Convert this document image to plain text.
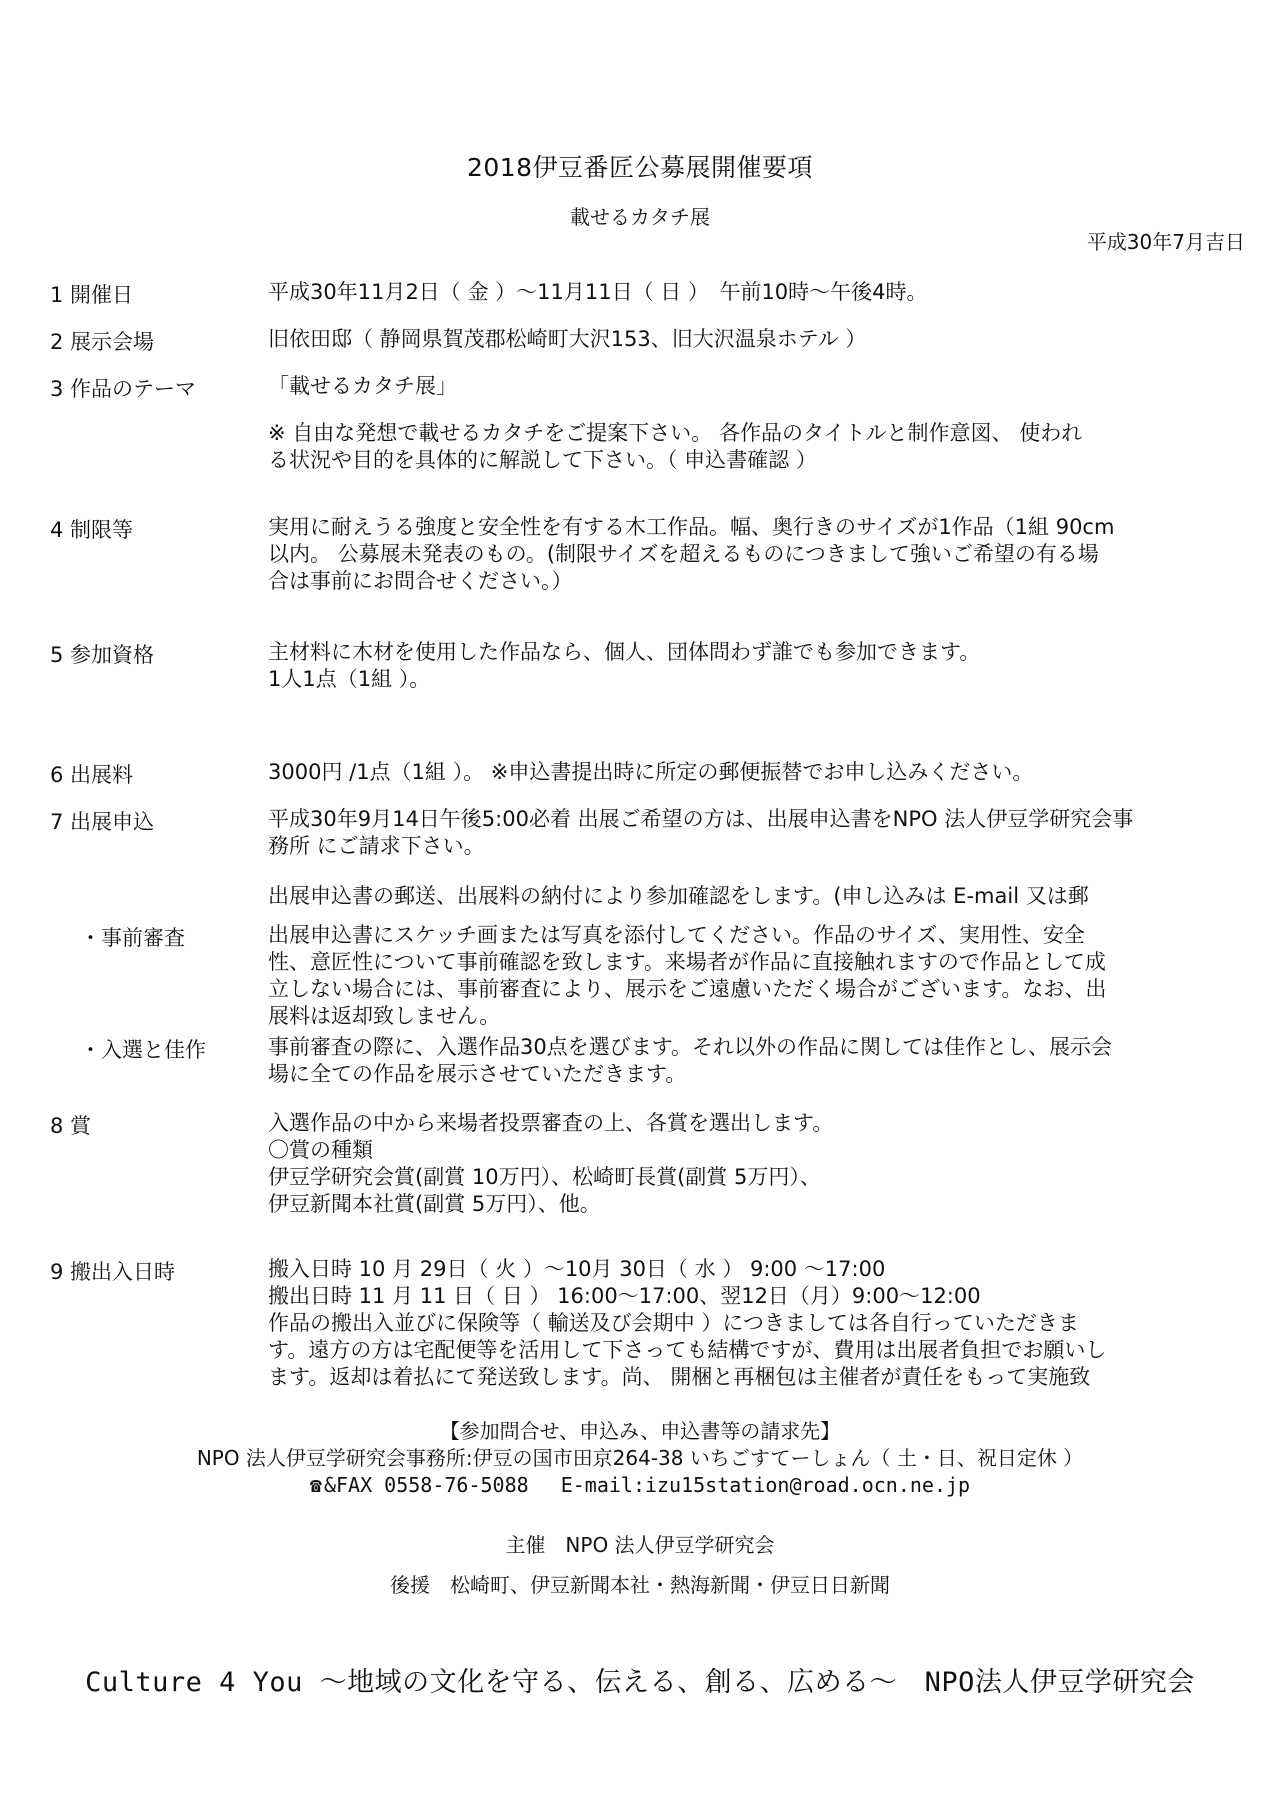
2018伊豆番匠公募展開催要項
載せるカタチ展
平成30年7月吉日
1 開催日	平成30年11月2日（ 金 ）～11月11日（ 日 ）　午前10時～午後4時。

2 展示会場	旧依田邸（ 静岡県賀茂郡松崎町大沢153、旧大沢温泉ホテル ）

3 作品のテーマ	「載せるカタチ展」

※ 自由な発想で載せるカタチをご提案下さい。 各作品のタイトルと制作意図、 使われ

る状況や目的を具体的に解説して下さい。（ 申込書確認 ）

4 制限等	実用に耐えうる強度と安全性を有する木工作品。幅、奥行きのサイズが1作品（1組 90cm

以内。 公募展未発表のもの。(制限サイズを超えるものにつきまして強いご希望の有る場

合は事前にお問合せください。）

5 参加資格	主材料に木材を使用した作品なら、個人、団体問わず誰でも参加できます。

1人1点（1組 ）。

6 出展料	3000円 /1点（1組 ）。 ※申込書提出時に所定の郵便振替でお申し込みください。

7 出展申込	平成30年9月14日午後5:00必着 出展ご希望の方は、出展申込書をNPO 法人伊豆学研究会事

務所 にご請求下さい。

出展申込書の郵送、出展料の納付により参加確認をします。(申し込みは E-mail 又は郵

・事前審査	出展申込書にスケッチ画または写真を添付してください。作品のサイズ、実用性、安全

性、意匠性について事前確認を致します。来場者が作品に直接触れますので作品として成

立しない場合には、事前審査により、展示をご遠慮いただく場合がございます。なお、出

展料は返却致しません。

・入選と佳作	事前審査の際に、入選作品30点を選びます。それ以外の作品に関しては佳作とし、展示会

場に全ての作品を展示させていただきます。

8 賞	入選作品の中から来場者投票審査の上、各賞を選出します。

〇賞の種類

伊豆学研究会賞(副賞 10万円）、松崎町長賞(副賞 5万円）、

伊豆新聞本社賞(副賞 5万円）、他。

9 搬出入日時	搬入日時 10 月 29日（ 火 ）～10月 30日（ 水 ） 9:00 ～17:00

搬出日時 11 月 11 日（ 日 ） 16:00～17:00、翌12日（月）9:00～12:00

作品の搬出入並びに保険等（ 輸送及び会期中 ）につきましては各自行っていただきま

す。遠方の方は宅配便等を活用して下さっても結構ですが、費用は出展者負担でお願いし

ます。返却は着払にて発送致します。尚、 開梱と再梱包は主催者が責任をもって実施致

【参加問合せ、申込み、申込書等の請求先】
NPO 法人伊豆学研究会事務所:伊豆の国市田京264-38 いちごすてーしょん（ 土・日、祝日定休 ）
☎ &FAX 0558-76-5088　 E-mail:izu15station@road.ocn.ne.jp
主催　NPO 法人伊豆学研究会
後援　松崎町、伊豆新聞本社・熱海新聞・伊豆日日新聞
Culture 4 You ～地域の文化を守る、伝える、創る、広める～　NPO法人伊豆学研究会
